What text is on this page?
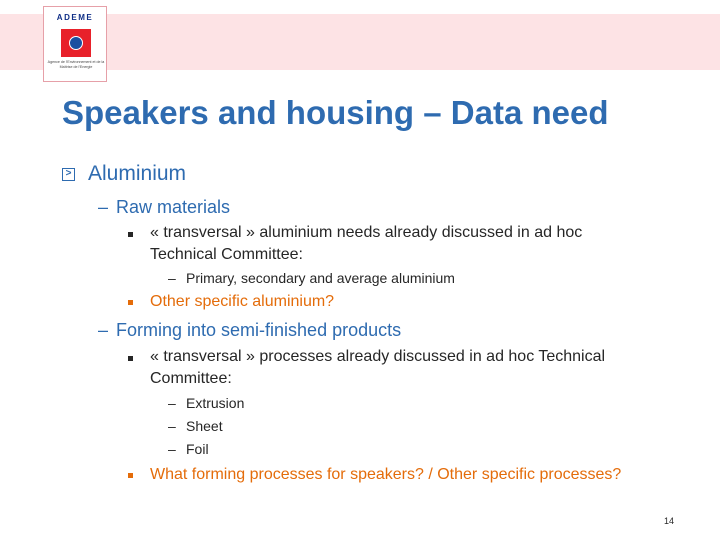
ADEME
Agence de l'Environnement et de la Maîtrise de l'Energie
Speakers and housing – Data need
> Aluminium
– Raw materials
« transversal » aluminium needs already discussed in ad hoc Technical Committee:
– Primary, secondary and average aluminium
Other specific aluminium?
– Forming into semi-finished products
« transversal » processes already discussed in ad hoc Technical Committee:
– Extrusion
– Sheet
– Foil
What forming processes for speakers? / Other specific processes?
14
